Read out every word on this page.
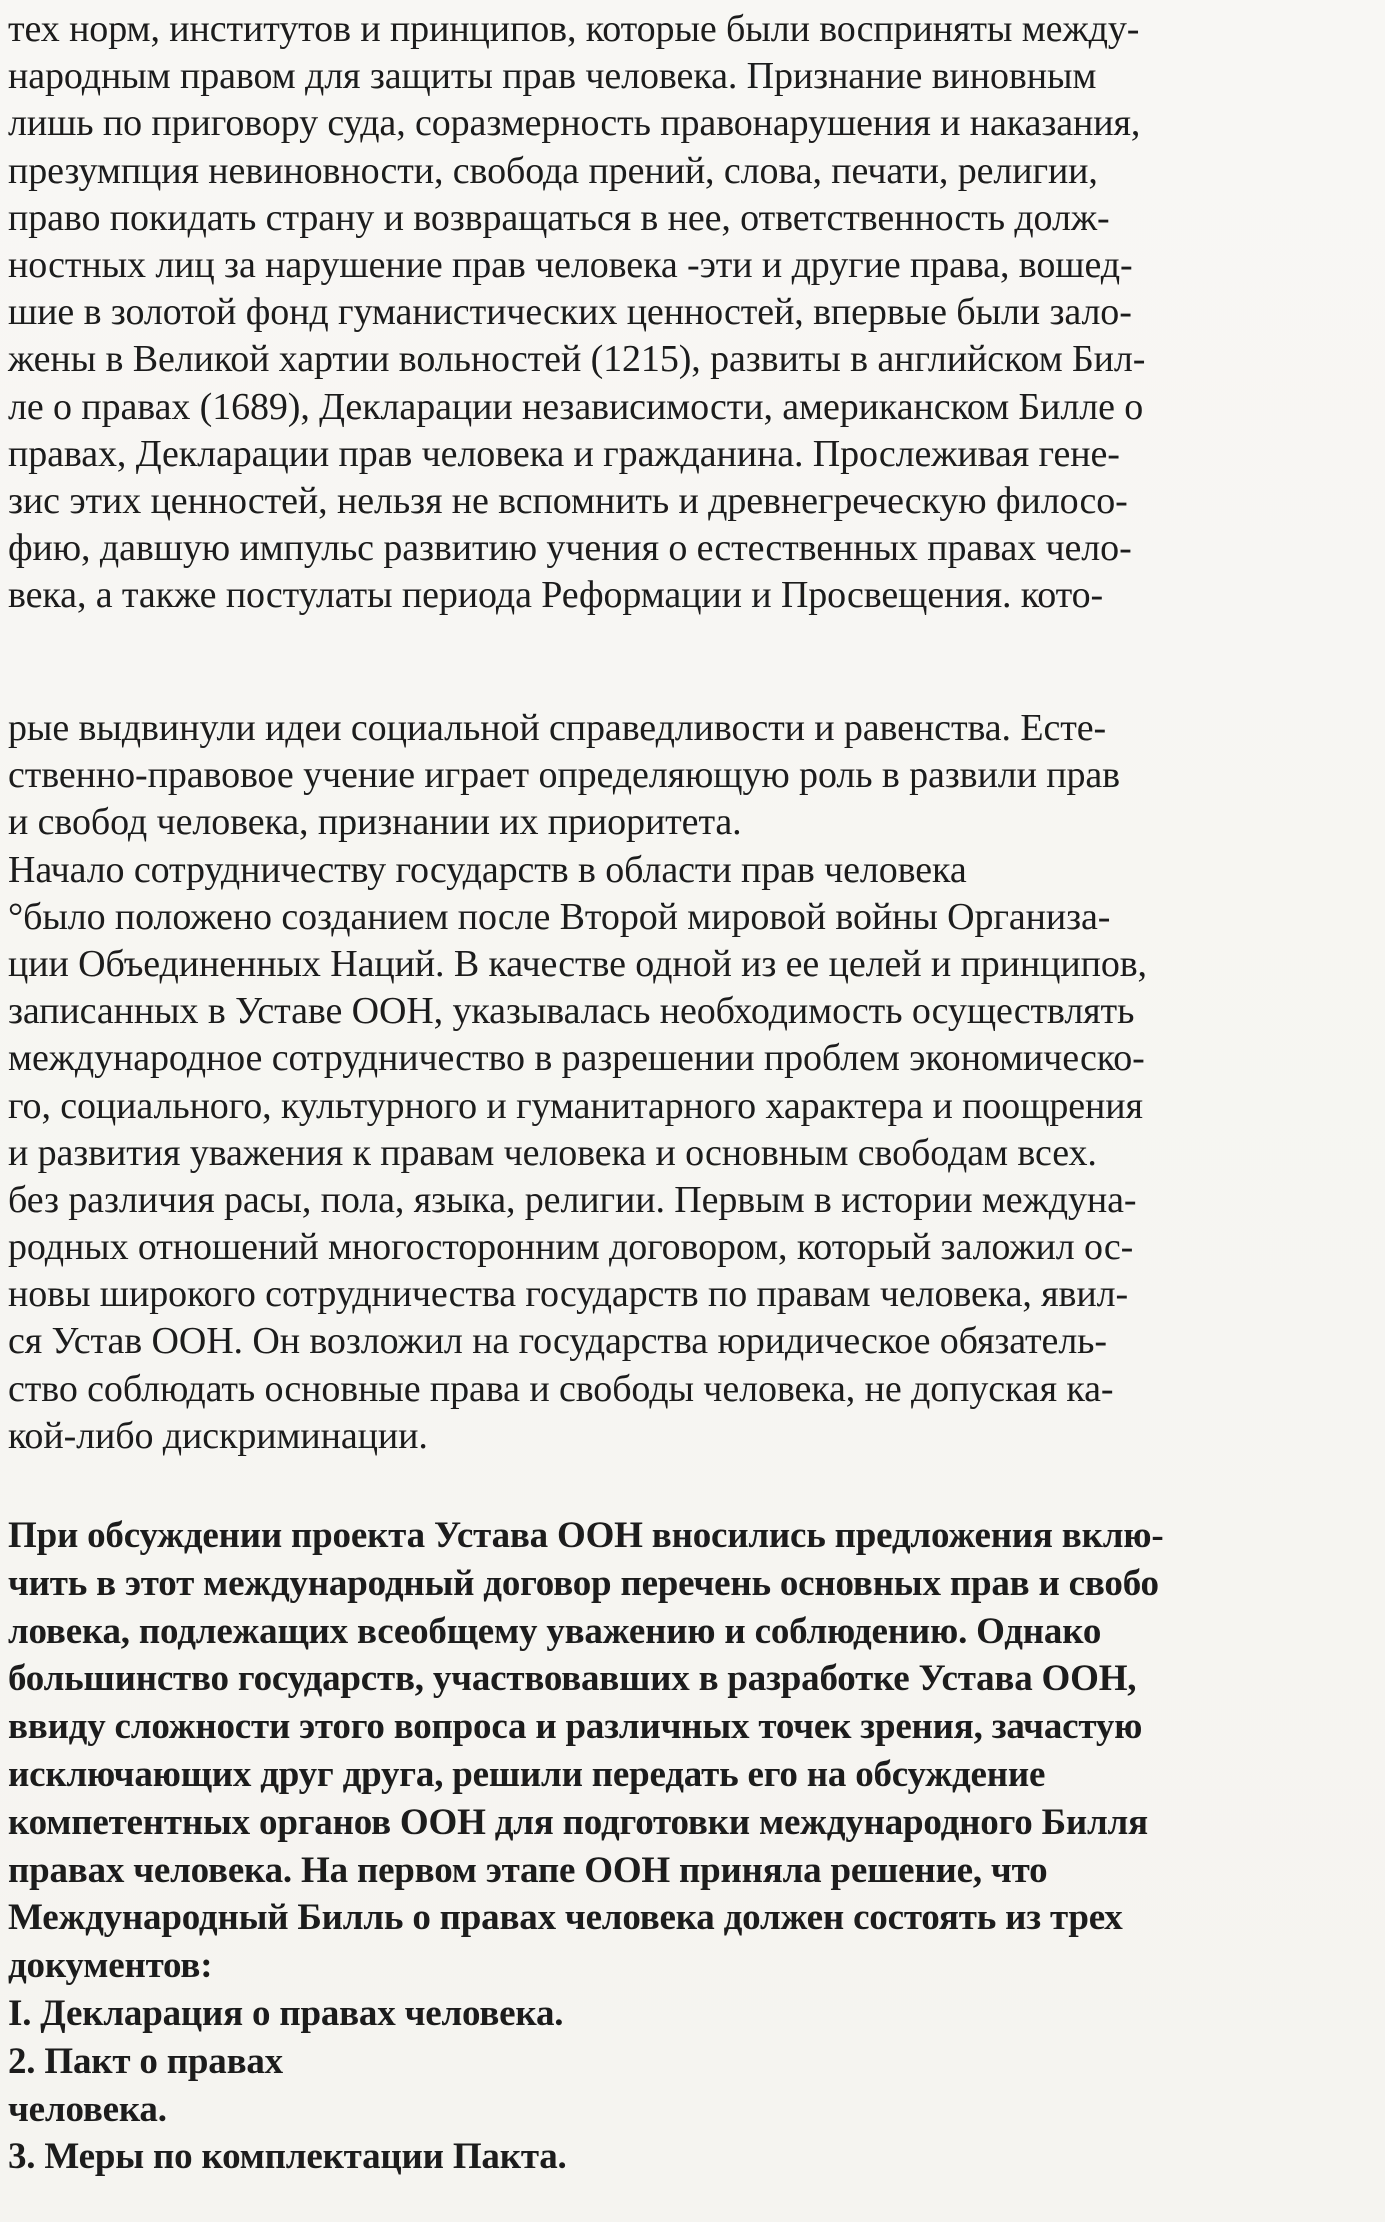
тех норм, институтов и принципов, которые были восприняты между-
народным правом для защиты прав человека. Признание виновным
лишь по приговору суда, соразмерность правонарушения и наказания,
презумпция невиновности, свобода прений, слова, печати, религии,
право покидать страну и возвращаться в нее, ответственность долж-
ностных лиц за нарушение прав человека -эти и другие права, вошед-
шие в золотой фонд гуманистических ценностей, впервые были зало-
жены в Великой хартии вольностей (1215), развиты в английском Бил-
ле о правах (1689), Декларации независимости, американском Билле о
правах, Декларации прав человека и гражданина. Прослеживая гене-
зис этих ценностей, нельзя не вспомнить и древнегреческую филосо-
фию, давшую импульс развитию учения о естественных правах чело-
века, а также постулаты периода Реформации и Просвещения. кото-
рые выдвинули идеи социальной справедливости и равенства. Есте-
ственно-правовое учение играет определяющую роль в развили прав
и свобод человека, признании их приоритета.
Начало сотрудничеству государств в области прав человека
°было положено созданием после Второй мировой войны Организа-
ции Объединенных Наций. В качестве одной из ее целей и принципов,
записанных в Уставе ООН, указывалась необходимость осуществлять
международное сотрудничество в разрешении проблем экономическо-
го, социального, культурного и гуманитарного характера и поощрения
и развития уважения к правам человека и основным свободам всех.
без различия расы, пола, языка, религии. Первым в истории междуна-
родных отношений многосторонним договором, который заложил ос-
новы широкого сотрудничества государств по правам человека, явил-
ся Устав ООН. Он возложил на государства юридическое обязатель-
ство соблюдать основные права и свободы человека, не допуская ка-
кой-либо дискриминации.
При обсуждении проекта Устава ООН вносились предложения вклю-
чить в этот международный договор перечень основных прав и свобо
ловека, подлежащих всеобщему уважению и соблюдению. Однако
большинство государств, участвовавших в разработке Устава ООН,
ввиду сложности этого вопроса и различных точек зрения, зачастую
исключающих друг друга, решили передать его на обсуждение
компетентных органов ООН для подготовки международного Билля
правах человека. На первом этапе ООН приняла решение, что
Международный Билль о правах человека должен состоять из трех
документов:
I. Декларация о правах человека.
2. Пакт о правах
человека.
3. Меры по комплектации Пакта.
